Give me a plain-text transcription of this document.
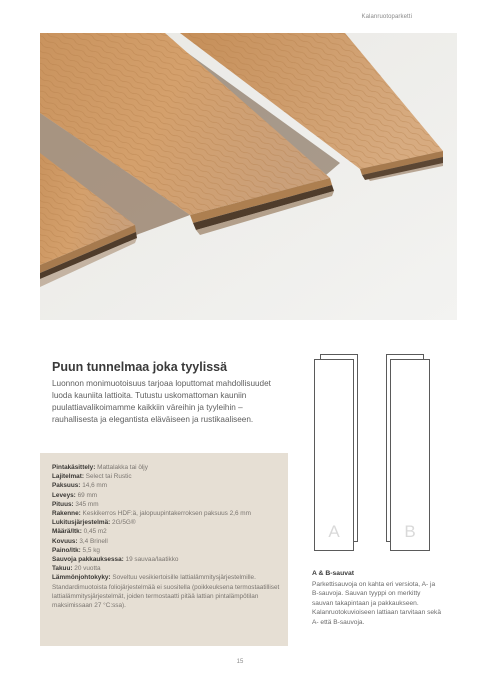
Kalanruotoparketti
Puun tunnelmaa joka tyylissä

Luonnon monimuotoisuus tarjoaa loputtomat mahdollisuudet luoda kauniita lattioita. Tutustu uskomattoman kauniin puulattiavalikoimamme kaikkiin väreihin ja tyyleihin – rauhallisesta ja elegantista eläväiseen ja rustikaaliseen.

Pintakäsittely: Mattalakka tai öljy

Lajitelmat: Select tai Rustic

Paksuus: 14,6 mm

Leveys: 69 mm

Pituus: 345 mm

Rakenne: Keskikerros HDF:ä, jalopuupintakerroksen paksuus 2,6 mm

Lukitusjärjestelmä: 2G/5G®

Määrä/ltk: 0,45 m2

Kovuus: 3,4 Brinell

Paino/ltk: 5,5 kg

Sauvoja pakkauksessa: 19 sauvaa/laatikko

Takuu: 20 vuotta

Lämmönjohtokyky: Soveltuu vesikiertoisille lattialämmitysjärjestelmille. Standardimuotoista foliojärjestelmää ei suositella (poikkeuksena termostaatilliset lattialämmitysjärjestelmät, joiden termostaatti pitää lattian pintalämpötilan maksimissaan 27 °C:ssa).

A	B
A & B-sauvat

Parkettisauvoja on kahta eri versiota, A- ja B-sauvoja. Sauvan tyyppi on merkitty sauvan takapintaan ja pakkaukseen. Kalanruotokuvioiseen lattiaan tarvitaan sekä A- että B-sauvoja.

15
